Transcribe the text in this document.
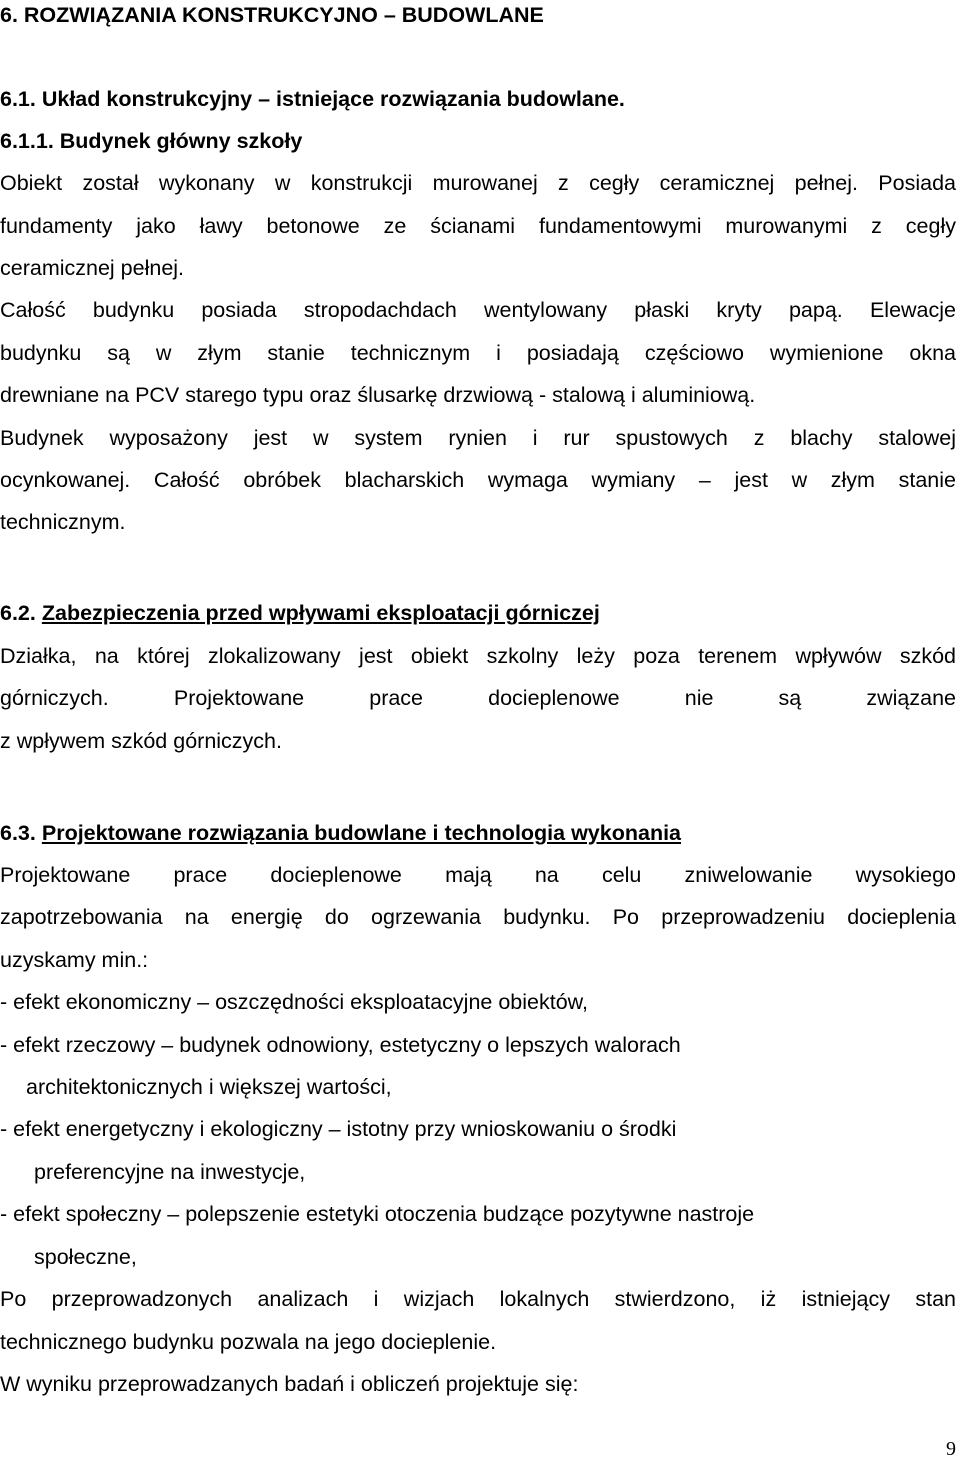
6. ROZWIĄZANIA KONSTRUKCYJNO – BUDOWLANE
6.1. Układ konstrukcyjny – istniejące rozwiązania budowlane.
6.1.1. Budynek główny szkoły
Obiekt został wykonany w konstrukcji murowanej z cegły ceramicznej pełnej. Posiada
fundamenty jako ławy betonowe ze ścianami fundamentowymi murowanymi z cegły
ceramicznej pełnej.
Całość budynku posiada stropodachdach wentylowany płaski kryty papą. Elewacje
budynku są w złym stanie technicznym i posiadają częściowo wymienione okna
drewniane na PCV starego typu oraz ślusarkę drzwiową - stalową i aluminiową.
Budynek wyposażony jest w system rynien i rur spustowych z blachy stalowej
ocynkowanej. Całość obróbek blacharskich wymaga wymiany – jest w złym stanie
technicznym.
6.2. Zabezpieczenia przed wpływami eksploatacji górniczej
Działka, na której zlokalizowany jest obiekt szkolny leży poza terenem wpływów szkód
górniczych. Projektowane prace docieplenowe nie są związane
z wpływem szkód górniczych.
6.3. Projektowane rozwiązania budowlane i technologia wykonania
Projektowane prace docieplenowe mają na celu zniwelowanie wysokiego
zapotrzebowania na energię do ogrzewania budynku. Po przeprowadzeniu docieplenia
uzyskamy min.:
- efekt ekonomiczny – oszczędności eksploatacyjne obiektów,
- efekt rzeczowy – budynek odnowiony, estetyczny o lepszych walorach
architektonicznych i większej wartości,
- efekt energetyczny i ekologiczny – istotny przy wnioskowaniu o środki
preferencyjne na inwestycje,
- efekt społeczny – polepszenie estetyki otoczenia budzące pozytywne nastroje
społeczne,
Po przeprowadzonych analizach i wizjach lokalnych stwierdzono, iż istniejący stan
technicznego budynku pozwala na jego docieplenie.
W wyniku przeprowadzanych badań i obliczeń projektuje się:
9
